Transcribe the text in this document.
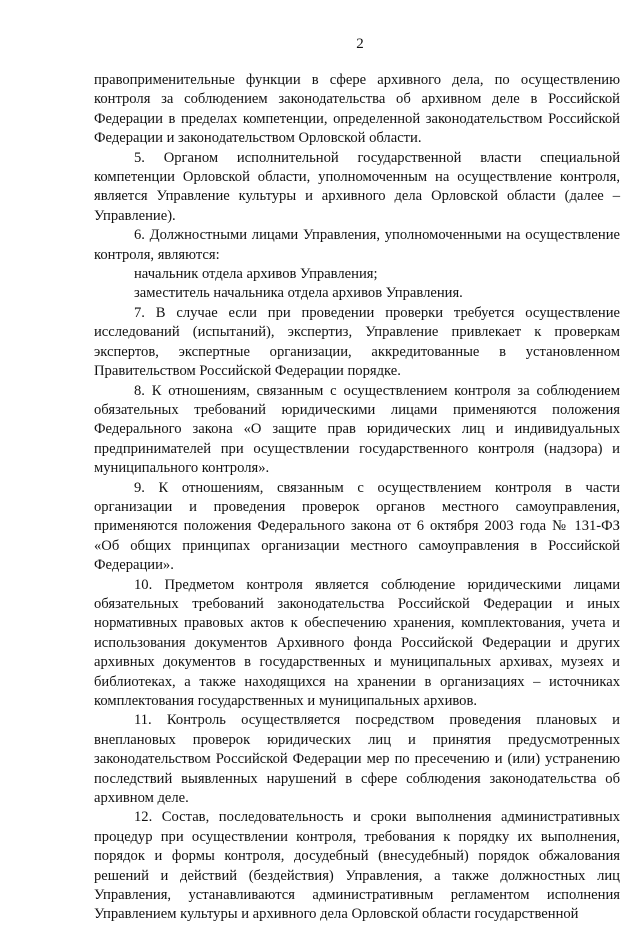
2

правоприменительные функции в сфере архивного дела, по осуществлению контроля за соблюдением законодательства об архивном деле в Российской Федерации в пределах компетенции, определенной законодательством Российской Федерации и законодательством Орловской области.

5. Органом исполнительной государственной власти специальной компетенции Орловской области, уполномоченным на осуществление контроля, является Управление культуры и архивного дела Орловской области (далее – Управление).

6. Должностными лицами Управления, уполномоченными на осуществление контроля, являются:

начальник отдела архивов Управления;

заместитель начальника отдела архивов Управления.

7. В случае если при проведении проверки требуется осуществление исследований (испытаний), экспертиз, Управление привлекает к проверкам экспертов, экспертные организации, аккредитованные в установленном Правительством Российской Федерации порядке.

8. К отношениям, связанным с осуществлением контроля за соблюдением обязательных требований юридическими лицами применяются положения Федерального закона «О защите прав юридических лиц и индивидуальных предпринимателей при осуществлении государственного контроля (надзора) и муниципального контроля».

9. К отношениям, связанным с осуществлением контроля в части организации и проведения проверок органов местного самоуправления, применяются положения Федерального закона от 6 октября 2003 года № 131-ФЗ «Об общих принципах организации местного самоуправления в Российской Федерации».

10. Предметом контроля является соблюдение юридическими лицами обязательных требований законодательства Российской Федерации и иных нормативных правовых актов к обеспечению хранения, комплектования, учета и использования документов Архивного фонда Российской Федерации и других архивных документов в государственных и муниципальных архивах, музеях и библиотеках, а также находящихся на хранении в организациях – источниках комплектования государственных и муниципальных архивов.

11. Контроль осуществляется посредством проведения плановых и внеплановых проверок юридических лиц и принятия предусмотренных законодательством Российской Федерации мер по пресечению и (или) устранению последствий выявленных нарушений в сфере соблюдения законодательства об архивном деле.

12. Состав, последовательность и сроки выполнения административных процедур при осуществлении контроля, требования к порядку их выполнения, порядок и формы контроля, досудебный (внесудебный) порядок обжалования решений и действий (бездействия) Управления, а также должностных лиц Управления, устанавливаются административным регламентом исполнения Управлением культуры и архивного дела Орловской области государственной
